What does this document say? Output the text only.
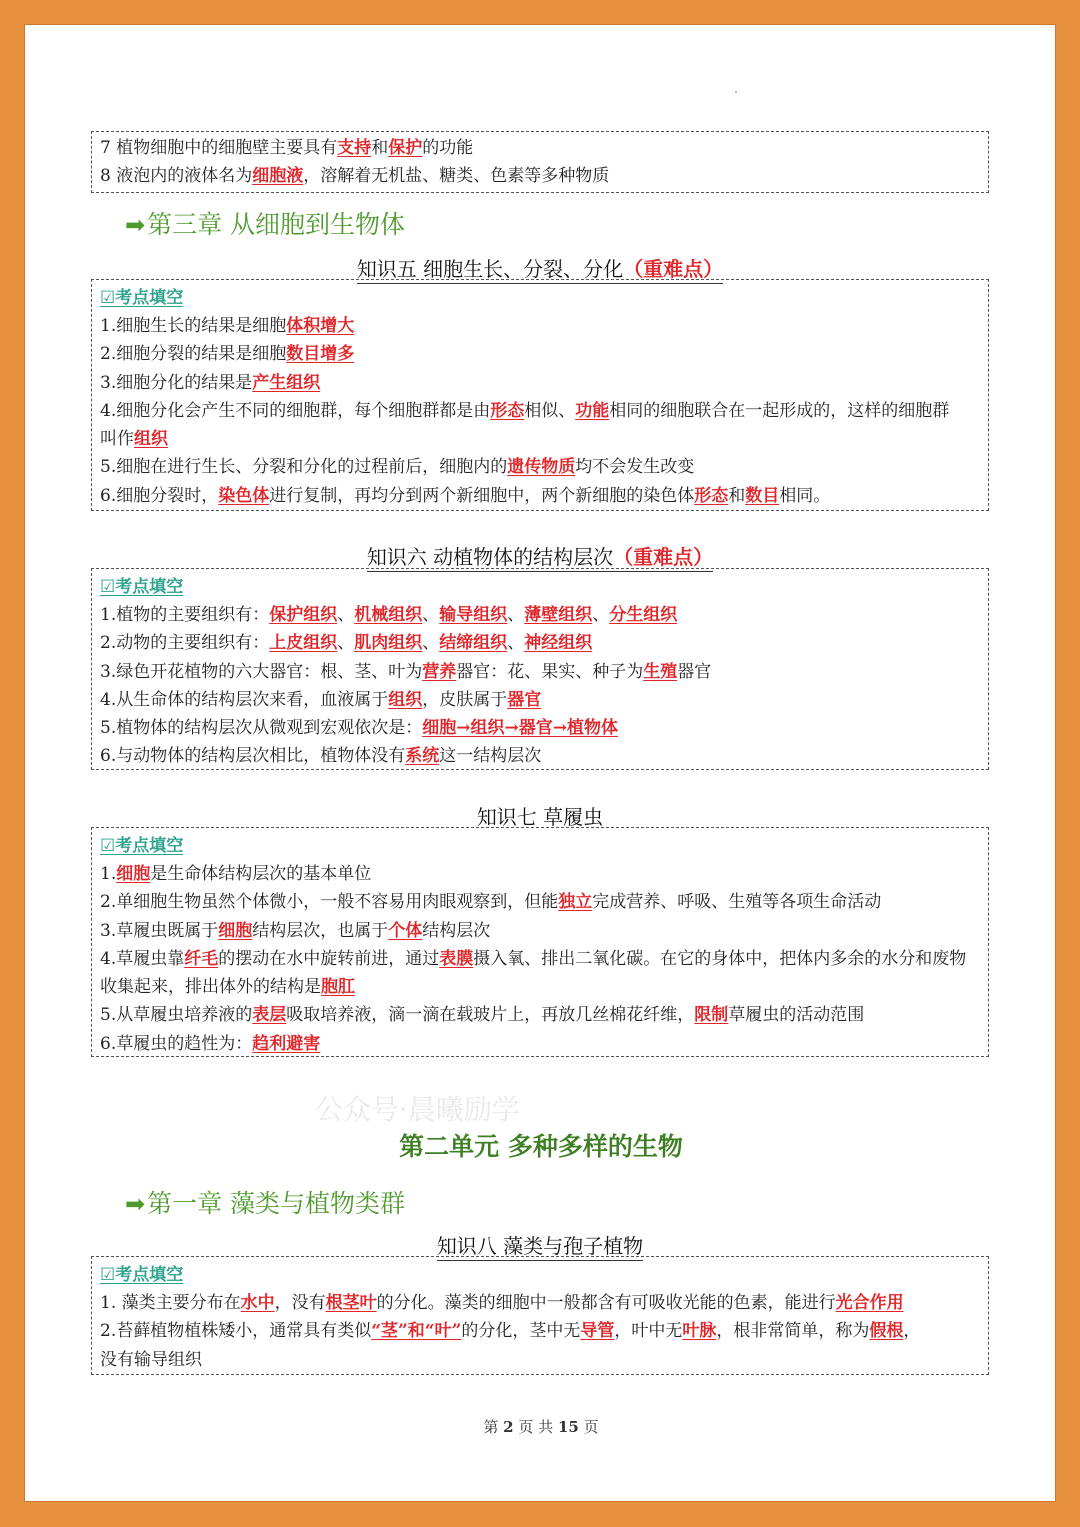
7 植物细胞中的细胞壁主要具有支持和保护的功能
8 液泡内的液体名为细胞液，溶解着无机盐、糖类、色素等多种物质
➡第三章 从细胞到生物体
知识五 细胞生长、分裂、分化（重难点）
☑考点填空
1.细胞生长的结果是细胞体积增大
2.细胞分裂的结果是细胞数目增多
3.细胞分化的结果是产生组织
4.细胞分化会产生不同的细胞群，每个细胞群都是由形态相似、功能相同的细胞联合在一起形成的，这样的细胞群
叫作组织
5.细胞在进行生长、分裂和分化的过程前后，细胞内的遗传物质均不会发生改变
6.细胞分裂时，染色体进行复制，再均分到两个新细胞中，两个新细胞的染色体形态和数目相同。
知识六 动植物体的结构层次（重难点）
☑考点填空
1.植物的主要组织有：保护组织、机械组织、输导组织、薄壁组织、分生组织
2.动物的主要组织有：上皮组织、肌肉组织、结缔组织、神经组织
3.绿色开花植物的六大器官：根、茎、叶为营养器官：花、果实、种子为生殖器官
4.从生命体的结构层次来看，血液属于组织，皮肤属于器官
5.植物体的结构层次从微观到宏观依次是：细胞→组织→器官→植物体
6.与动物体的结构层次相比，植物体没有系统这一结构层次
知识七 草履虫
☑考点填空
1.细胞是生命体结构层次的基本单位
2.单细胞生物虽然个体微小，一般不容易用肉眼观察到，但能独立完成营养、呼吸、生殖等各项生命活动
3.草履虫既属于细胞结构层次，也属于个体结构层次
4.草履虫靠纤毛的摆动在水中旋转前进，通过表膜摄入氧、排出二氧化碳。在它的身体中，把体内多余的水分和废物
收集起来，排出体外的结构是胞肛
5.从草履虫培养液的表层吸取培养液，滴一滴在载玻片上，再放几丝棉花纤维，限制草履虫的活动范围
6.草履虫的趋性为：趋利避害
公众号·晨曦励学
第二单元 多种多样的生物
➡第一章 藻类与植物类群
知识八 藻类与孢子植物
☑考点填空
1. 藻类主要分布在水中，没有根茎叶的分化。藻类的细胞中一般都含有可吸收光能的色素，能进行光合作用
2.苔藓植物植株矮小，通常具有类似“茎”和“叶”的分化，茎中无导管，叶中无叶脉，根非常简单，称为假根，
没有输导组织
第 2 页 共 15 页
